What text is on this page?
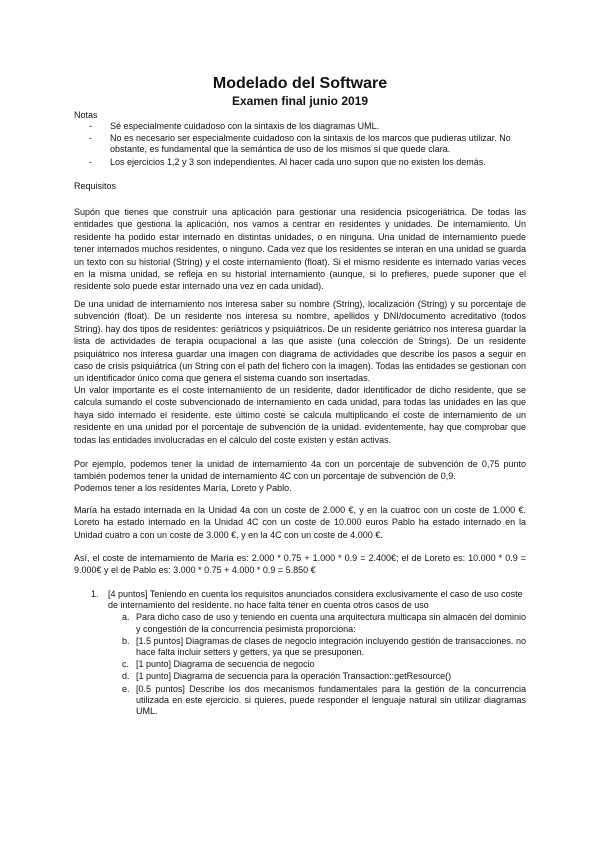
Modelado del Software
Examen final junio 2019

Notas

- Sé especialmente cuidadoso con la sintaxis de los diagramas UML.
- No es necesario ser especialmente cuidadoso con la sintaxis de los marcos que pudieras utilizar. No obstante, es fundamental que la semántica de uso de los mismos sí que quede clara.
- Los ejercicios 1,2 y 3 son independientes. Al hacer cada uno supon que no existen los demás.

Requisitos

Supón que tienes que construir una aplicación para gestionar una residencia psicogeriátrica. De todas las entidades que gestiona la aplicación, nos vamos a centrar en residentes y unidades. De internamiento. Un residente ha podido estar internado en distintas unidades, o en ninguna. Una unidad de internamiento puede tener internados muchos residentes, o ninguno. Cada vez que los residentes se interan en una unidad se guarda un texto con su historial (String) y el coste internamiento (float). Si el mismo residente es internado varias veces en la misma unidad, se refleja en su historial internamiento (aunque, si lo prefieres, puede suponer que el residente solo puede estar internado una vez en cada unidad).

De una unidad de internamiento nos interesa saber su nombre (String), localización (String) y su porcentaje de subvención (float). De un residente nos interesa su nombre, apellidos y DNI/documento acreditativo (todos String). hay dos tipos de residentes: geriátricos y psiquiátricos. De un residente geriátrico nos interesa guardar la lista de actividades de terapia ocupacional a las que asiste (una colección de Strings). De un residente psiquiátrico nos interesa guardar una imagen con diagrama de actividades que describe los pasos a seguir en caso de crisis psiquiátrica (un String con el path del fichero con la imagen). Todas las entidades se gestionan con un identificador único coma que genera el sistema cuando son insertadas.

Un valor importante es el coste internamiento de un residente, dador identificador de dicho residente, que se calcula sumando el coste subvencionado de internamiento en cada unidad, para todas las unidades en las que haya sido internado el residente. este último coste se calcula multiplicando el coste de internamiento de un residente en una unidad por el porcentaje de subvención de la unidad. evidentemente, hay que comprobar que todas las entidades involucradas en el cálculo del coste existen y están activas.

Por ejemplo, podemos tener la unidad de internamiento 4a con un porcentaje de subvención de 0,75 punto también podemos tener la unidad de internamiento 4C con un porcentaje de subvención de 0,9.

Podemos tener a los residentes María, Loreto y Pablo.

María ha estado internada en la Unidad 4a con un coste de 2.000 €, y en la cuatroc con un coste de 1.000 €. Loreto ha estado internado en la Unidad 4C con un coste de 10.000 euros Pablo ha estado internado en la Unidad cuatro a con un coste de 3.000 €, y en la 4C con un coste de 4.000 €.

Así, el coste de internamiento de María es: 2.000 * 0.75 + 1.000 * 0.9 = 2.400€; el de Loreto es: 10.000 * 0.9 = 9.000€ y el de Pablo es: 3.000 * 0.75 + 4.000 * 0.9 = 5.850 €

1. [4 puntos] Teniendo en cuenta los requisitos anunciados considera exclusivamente el caso de uso coste de internamiento del residente. no hace falta tener en cuenta otros casos de uso
a. Para dicho caso de uso y teniendo en cuenta una arquitectura multicapa sin almacén del dominio y congestión de la concurrencia pesimista proporciona:
b. [1.5 puntos] Diagramas de clases de negocio integración incluyendo gestión de transacciones. no hace falta incluir setters y getters, ya que se presuponen.
c. [1 punto] Diagrama de secuencia de negocio
d. [1 punto] Diagrama de secuencia para la operación Transaction::getResource()
e. [0.5 puntos] Describe los dos mecanismos fundamentales para la gestión de la concurrencia utilizada en este ejercicio. si quieres, puede responder el lenguaje natural sin utilizar diagramas UML.
